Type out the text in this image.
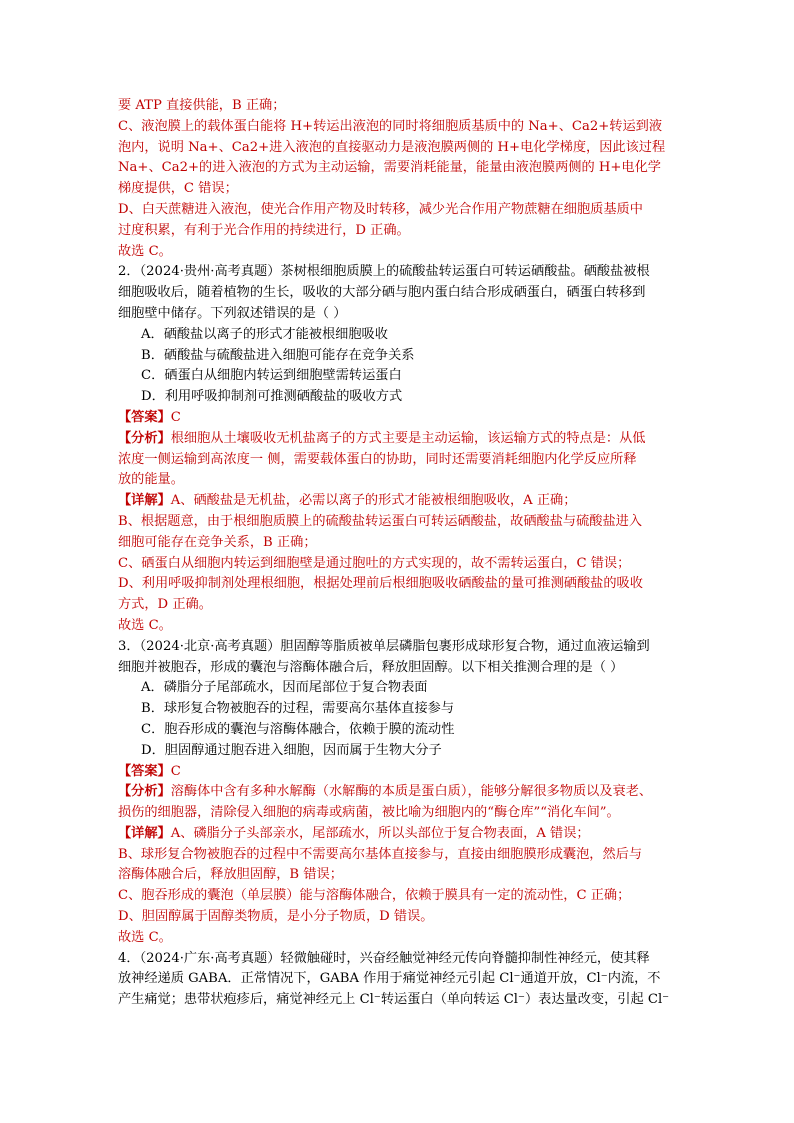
要 ATP 直接供能，B 正确；
C、液泡膜上的载体蛋白能将 H+转运出液泡的同时将细胞质基质中的 Na+、Ca2+转运到液
泡内，说明 Na+、Ca2+进入液泡的直接驱动力是液泡膜两侧的 H+电化学梯度，因此该过程
Na+、Ca2+的进入液泡的方式为主动运输，需要消耗能量，能量由液泡膜两侧的 H+电化学
梯度提供，C 错误；
D、白天蔗糖进入液泡，使光合作用产物及时转移，减少光合作用产物蔗糖在细胞质基质中
过度积累，有利于光合作用的持续进行，D 正确。
故选 C。
2．（2024·贵州·高考真题）茶树根细胞质膜上的硫酸盐转运蛋白可转运硒酸盐。硒酸盐被根
细胞吸收后，随着植物的生长，吸收的大部分硒与胞内蛋白结合形成硒蛋白，硒蛋白转移到
细胞壁中储存。下列叙述错误的是（ ）
A．硒酸盐以离子的形式才能被根细胞吸收
B．硒酸盐与硫酸盐进入细胞可能存在竞争关系
C．硒蛋白从细胞内转运到细胞壁需转运蛋白
D．利用呼吸抑制剂可推测硒酸盐的吸收方式
【答案】C
【分析】根细胞从土壤吸收无机盐离子的方式主要是主动运输，该运输方式的特点是：从低
浓度一侧运输到高浓度一 侧，需要载体蛋白的协助，同时还需要消耗细胞内化学反应所释
放的能量。
【详解】A、硒酸盐是无机盐，必需以离子的形式才能被根细胞吸收，A 正确；
B、根据题意，由于根细胞质膜上的硫酸盐转运蛋白可转运硒酸盐，故硒酸盐与硫酸盐进入
细胞可能存在竞争关系，B 正确；
C、硒蛋白从细胞内转运到细胞壁是通过胞吐的方式实现的，故不需转运蛋白，C 错误；
D、利用呼吸抑制剂处理根细胞，根据处理前后根细胞吸收硒酸盐的量可推测硒酸盐的吸收
方式，D 正确。
故选 C。
3．（2024·北京·高考真题）胆固醇等脂质被单层磷脂包裹形成球形复合物，通过血液运输到
细胞并被胞吞，形成的囊泡与溶酶体融合后，释放胆固醇。以下相关推测合理的是（ ）
A．磷脂分子尾部疏水，因而尾部位于复合物表面
B．球形复合物被胞吞的过程，需要高尔基体直接参与
C．胞吞形成的囊泡与溶酶体融合，依赖于膜的流动性
D．胆固醇通过胞吞进入细胞，因而属于生物大分子
【答案】C
【分析】溶酶体中含有多种水解酶（水解酶的本质是蛋白质），能够分解很多物质以及衰老、
损伤的细胞器，清除侵入细胞的病毒或病菌，被比喻为细胞内的“酶仓库”“消化车间”。
【详解】A、磷脂分子头部亲水，尾部疏水，所以头部位于复合物表面，A 错误；
B、球形复合物被胞吞的过程中不需要高尔基体直接参与，直接由细胞膜形成囊泡，然后与
溶酶体融合后，释放胆固醇，B 错误；
C、胞吞形成的囊泡（单层膜）能与溶酶体融合，依赖于膜具有一定的流动性，C 正确；
D、胆固醇属于固醇类物质，是小分子物质，D 错误。
故选 C。
4．（2024·广东·高考真题）轻微触碰时，兴奋经触觉神经元传向脊髓抑制性神经元，使其释
放神经递质 GABA．正常情况下，GABA 作用于痛觉神经元引起 Cl⁻通道开放，Cl⁻内流，不
产生痛觉；患带状疱疹后，痛觉神经元上 Cl⁻转运蛋白（单向转运 Cl⁻）表达量改变，引起 Cl⁻
